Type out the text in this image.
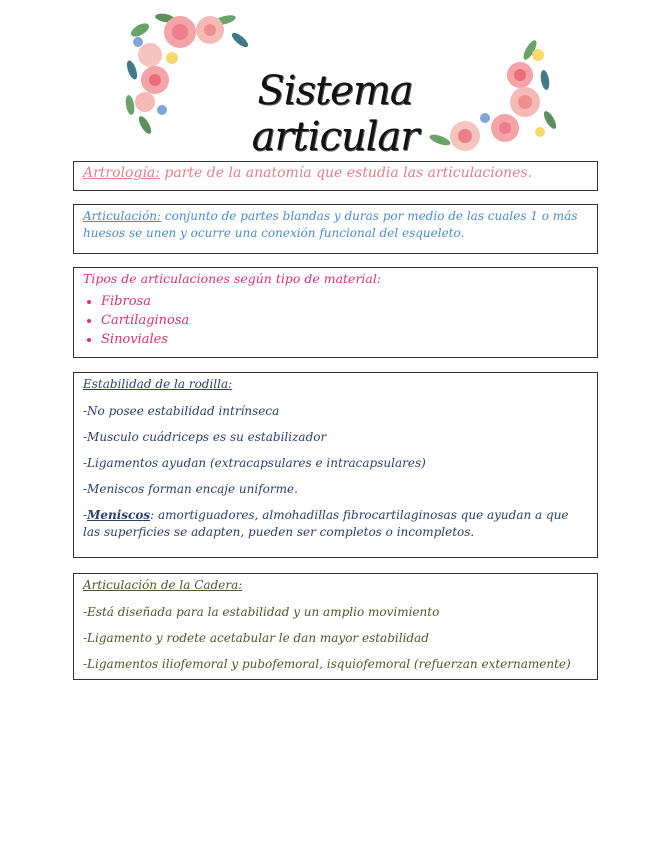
Sistema articular
Artrología: parte de la anatomía que estudia las articulaciones.
Articulación: conjunto de partes blandas y duras por medio de las cuales 1 o más huesos se unen y ocurre una conexión funcional del esqueleto.
Tipos de articulaciones según tipo de material:
• Fibrosa
• Cartilaginosa
• Sinoviales

Estabilidad de la rodilla:

-No posee estabilidad intrínseca

-Musculo cuádriceps es su estabilizador

-Ligamentos ayudan (extracapsulares e intracapsulares)

-Meniscos forman encaje uniforme.

-Meniscos: amortiguadores, almohadillas fibrocartilaginosas que ayudan a que las superficies se adapten, pueden ser completos o incompletos.

Articulación de la Cadera:

-Está diseñada para la estabilidad y un amplio movimiento

-Ligamento y rodete acetabular le dan mayor estabilidad

-Ligamentos iliofemoral y pubofemoral, isquiofemoral (refuerzan externamente)
